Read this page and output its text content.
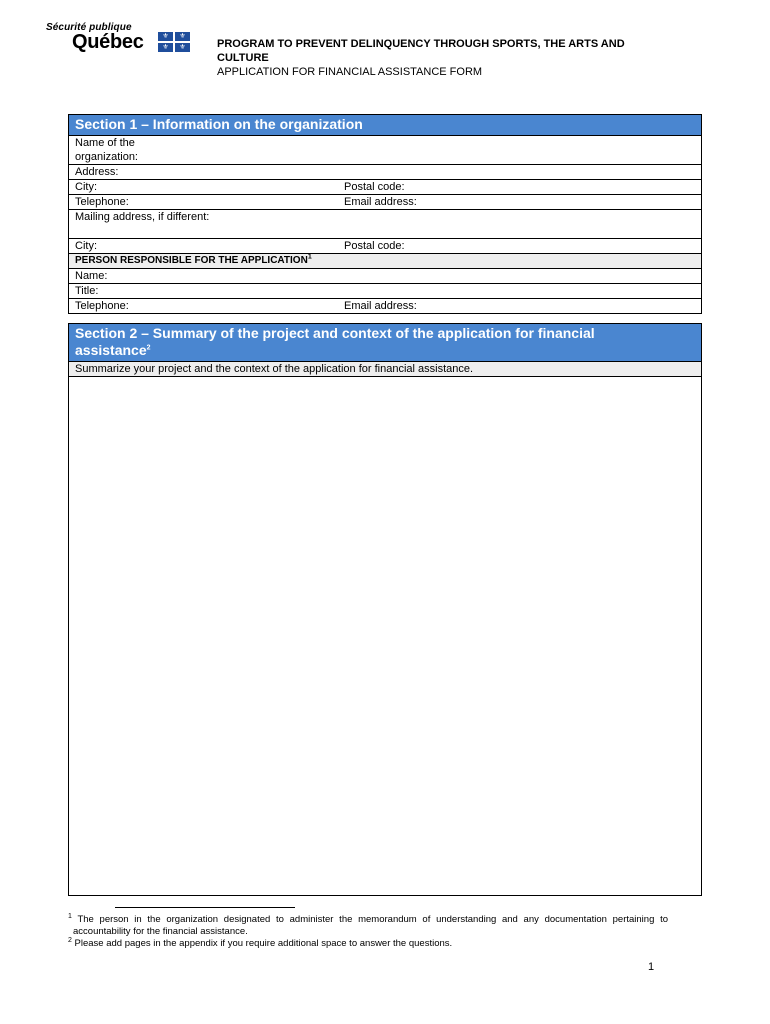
Sécurité publique
Québec	⚜	⚜
⚜	⚜	PROGRAM TO PREVENT DELINQUENCY THROUGH SPORTS, THE ARTS AND
CULTURE
APPLICATION FOR FINANCIAL ASSISTANCE FORM
Section 1 – Information on the organization
Name of the
organization:
Address:
City:	Postal code:
Telephone:	Email address:
Mailing address, if different:
City:	Postal code:
PERSON RESPONSIBLE FOR THE APPLICATION$^1$
Name:
Title:
Telephone:	Email address:
Section 2 – Summary of the project and context of the application for financial
assistance$^2$
Summarize your project and the context of the application for financial assistance.
$^1$ The person in the organization designated to administer the memorandum of understanding and any documentation pertaining to accountability for the financial assistance.
$^2$ Please add pages in the appendix if you require additional space to answer the questions.
1
